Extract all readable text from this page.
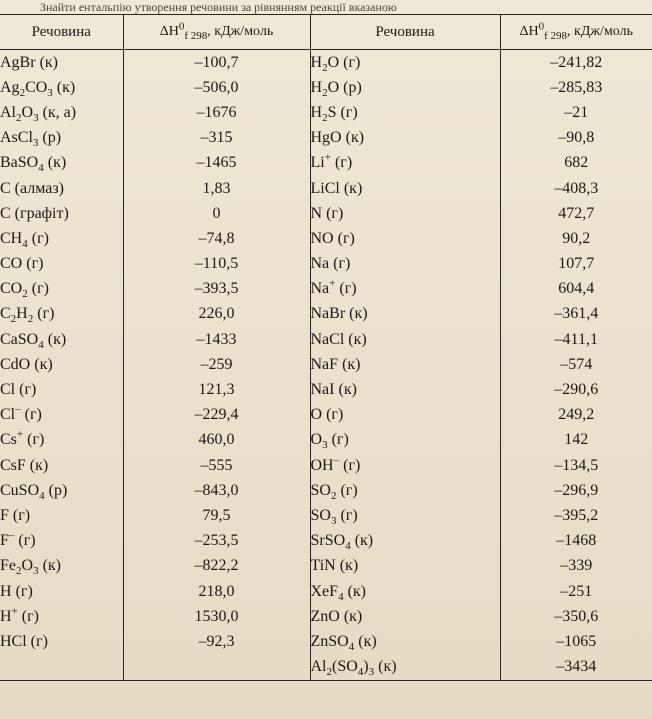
Знайти ентальпію утворення речовини за рівнянням реакції вказаною
Речовина	$\Delta H^0_{f 298}$, кДж/моль	Речовина	$\Delta H^0_{f 298}$, кДж/моль
AgBr (к)	–100,7	$H_2O$ (г)	–241,82
$Ag_2CO_3$ (к)	–506,0	$H_2O$ (р)	–285,83
$Al_2O_3$ (к, а)	–1676	$H_2S$ (г)	–21
AsCl$_3$ (р)	–315	HgO (к)	–90,8
BaSO$_4$ (к)	–1465	Li+ (г)	682
C (алмаз)	1,83	LiCl (к)	–408,3
C (графіт)	0	N (г)	472,7
$CH_4$ (г)	–74,8	NO (г)	90,2
CO (г)	–110,5	Na (г)	107,7
$CO_2$ (г)	–393,5	Na+ (г)	604,4
$C_2H_2$ (г)	226,0	NaBr (к)	–361,4
CaSO$_4$ (к)	–1433	NaCl (к)	–411,1
CdO (к)	–259	NaF (к)	–574
Cl (г)	121,3	NaI (к)	–290,6
Cl– (г)	–229,4	O (г)	249,2
Cs+ (г)	460,0	$O_3$ (г)	142
CsF (к)	–555	OH– (г)	–134,5
CuSO$_4$ (р)	–843,0	$SO_2$ (г)	–296,9
F (г)	79,5	$SO_3$ (г)	–395,2
F– (г)	–253,5	SrSO$_4$ (к)	–1468
$Fe_2O_3$ (к)	–822,2	TiN (к)	–339
H (г)	218,0	XeF$_4$ (к)	–251
H+ (г)	1530,0	ZnO (к)	–350,6
HCl (г)	–92,3	ZnSO$_4$ (к)	–1065
		$Al_2(SO_4)_3$ (к)	–3434
